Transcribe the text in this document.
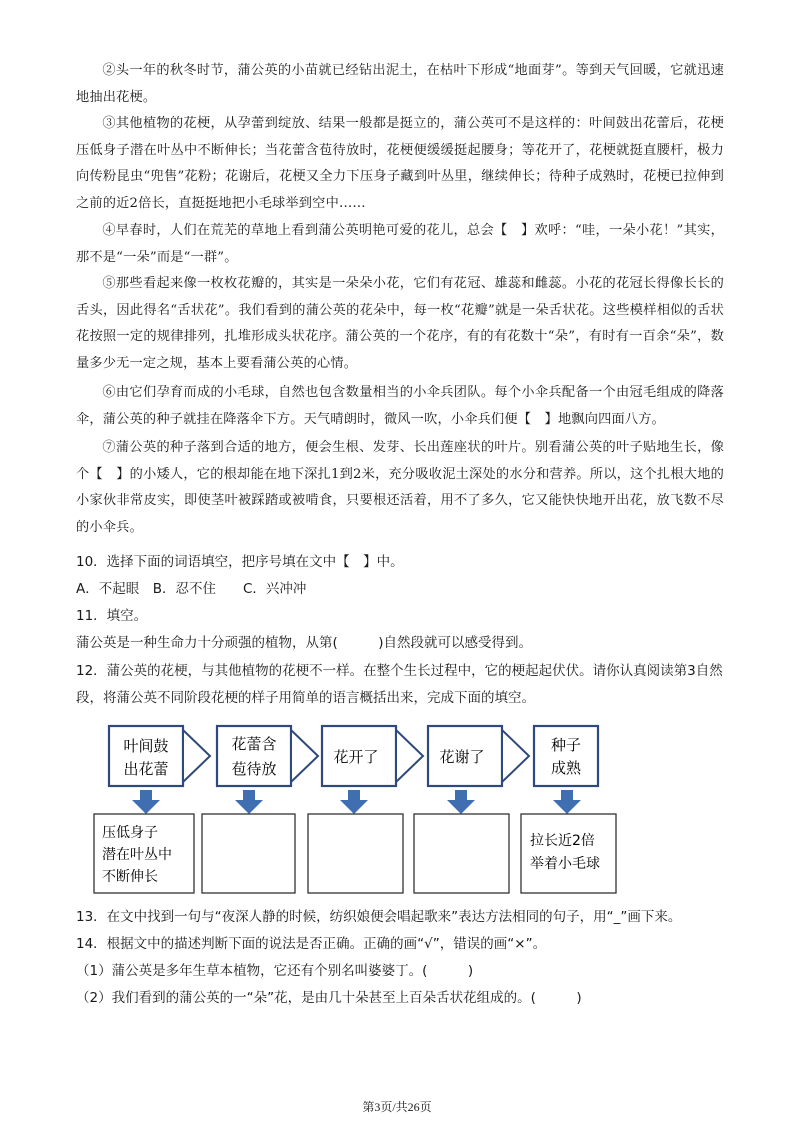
②头一年的秋冬时节，蒲公英的小苗就已经钻出泥土，在枯叶下形成“地面芽”。等到天气回暖，它就迅速地抽出花梗。
③其他植物的花梗，从孕蕾到绽放、结果一般都是挺立的，蒲公英可不是这样的：叶间鼓出花蕾后，花梗压低身子潜在叶丛中不断伸长；当花蕾含苞待放时，花梗便缓缓挺起腰身；等花开了，花梗就挺直腰杆，极力向传粉昆虫“兜售”花粉；花谢后，花梗又全力下压身子藏到叶丛里，继续伸长；待种子成熟时，花梗已拉伸到之前的近2倍长，直挺挺地把小毛球举到空中……
④早春时，人们在荒芜的草地上看到蒲公英明艳可爱的花儿，总会【　】欢呼：“哇，一朵小花！”其实，那不是“一朵”而是“一群”。
⑤那些看起来像一枚枚花瓣的，其实是一朵朵小花，它们有花冠、雄蕊和雌蕊。小花的花冠长得像长长的舌头，因此得名“舌状花”。我们看到的蒲公英的花朵中，每一枚“花瓣”就是一朵舌状花。这些模样相似的舌状花按照一定的规律排列，扎堆形成头状花序。蒲公英的一个花序，有的有花数十“朵”，有时有一百余“朵”，数量多少无一定之规，基本上要看蒲公英的心情。
⑥由它们孕育而成的小毛球，自然也包含数量相当的小伞兵团队。每个小伞兵配备一个由冠毛组成的降落伞，蒲公英的种子就挂在降落伞下方。天气晴朗时，微风一吹，小伞兵们便【　】地飘向四面八方。
⑦蒲公英的种子落到合适的地方，便会生根、发芽、长出莲座状的叶片。别看蒲公英的叶子贴地生长，像个【　】的小矮人，它的根却能在地下深扎1到2米，充分吸收泥土深处的水分和营养。所以，这个扎根大地的小家伙非常皮实，即使茎叶被踩踏或被啃食，只要根还活着，用不了多久，它又能快快地开出花，放飞数不尽的小伞兵。
10．选择下面的词语填空，把序号填在文中【　】中。
A．不起眼　B．忍不住　　C．兴冲冲
11．填空。
蒲公英是一种生命力十分顽强的植物，从第(　　　)自然段就可以感受得到。
12．蒲公英的花梗，与其他植物的花梗不一样。在整个生长过程中，它的梗起起伏伏。请你认真阅读第3自然段，将蒲公英不同阶段花梗的样子用简单的语言概括出来，完成下面的填空。
叶间鼓
出花蕾
花蕾含
苞待放
花开了	花谢了
种子
成熟
压低身子
潜在叶丛中
不断伸长
拉长近2倍
举着小毛球
13．在文中找到一句与“夜深人静的时候，纺织娘便会唱起歌来”表达方法相同的句子，用“_”画下来。
14．根据文中的描述判断下面的说法是否正确。正确的画“√”，错误的画“×”。
（1）蒲公英是多年生草本植物，它还有个别名叫婆婆丁。(　　　)
（2）我们看到的蒲公英的一“朵”花，是由几十朵甚至上百朵舌状花组成的。(　　　)
第3页/共26页
